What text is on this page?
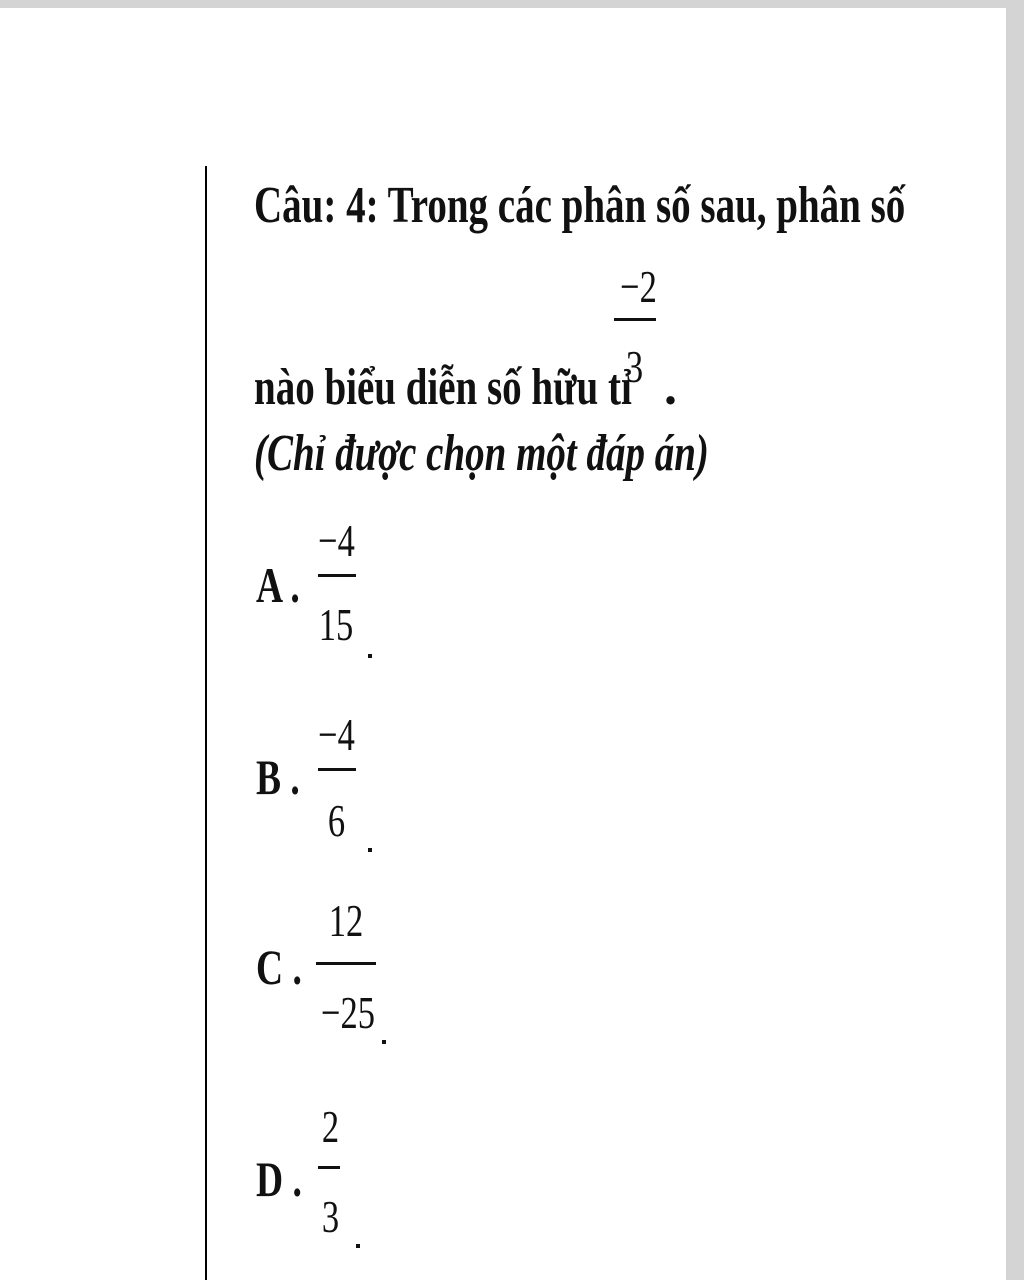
Câu: 4: Trong các phân số sau, phân số
−2
3
nào biểu diễn số hữu tỉ .
(Chỉ được chọn một đáp án)
A .
−4
15
B .
−4
6
C .
12
−25
D .
2
3
